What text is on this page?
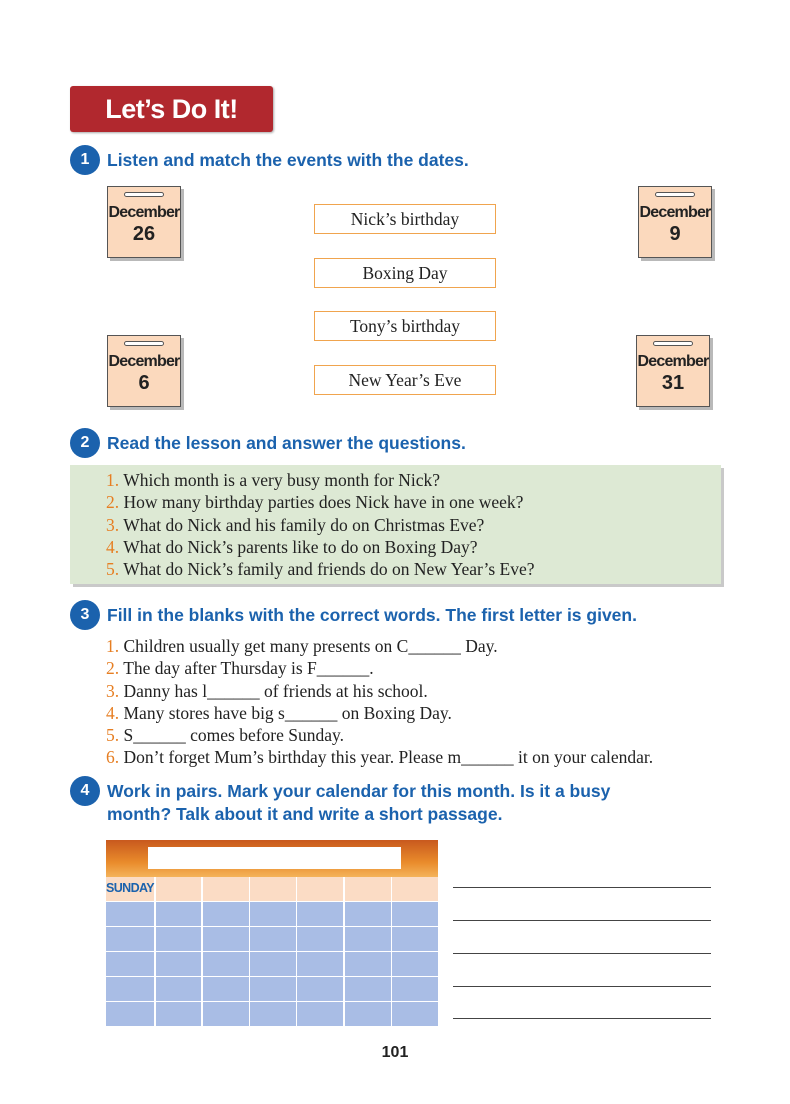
Let’s Do It!
1	Listen and match the events with the dates.
December
26
December
6
December
9
December
31
Nick’s birthday
Boxing Day
Tony’s birthday
New Year’s Eve
2	Read the lesson and answer the questions.
1. Which month is a very busy month for Nick?
2. How many birthday parties does Nick have in one week?
3. What do Nick and his family do on Christmas Eve?
4. What do Nick’s parents like to do on Boxing Day?
5. What do Nick’s family and friends do on New Year’s Eve?
3	Fill in the blanks with the correct words. The first letter is given.
1. Children usually get many presents on C______ Day.
2. The day after Thursday is F______.
3. Danny has l______ of friends at his school.
4. Many stores have big s______ on Boxing Day.
5. S______ comes before Sunday.
6. Don’t forget Mum’s birthday this year. Please m______ it on your calendar.
4	Work in pairs. Mark your calendar for this month. Is it a busy
month? Talk about it and write a short passage.
SUNDAY
101
